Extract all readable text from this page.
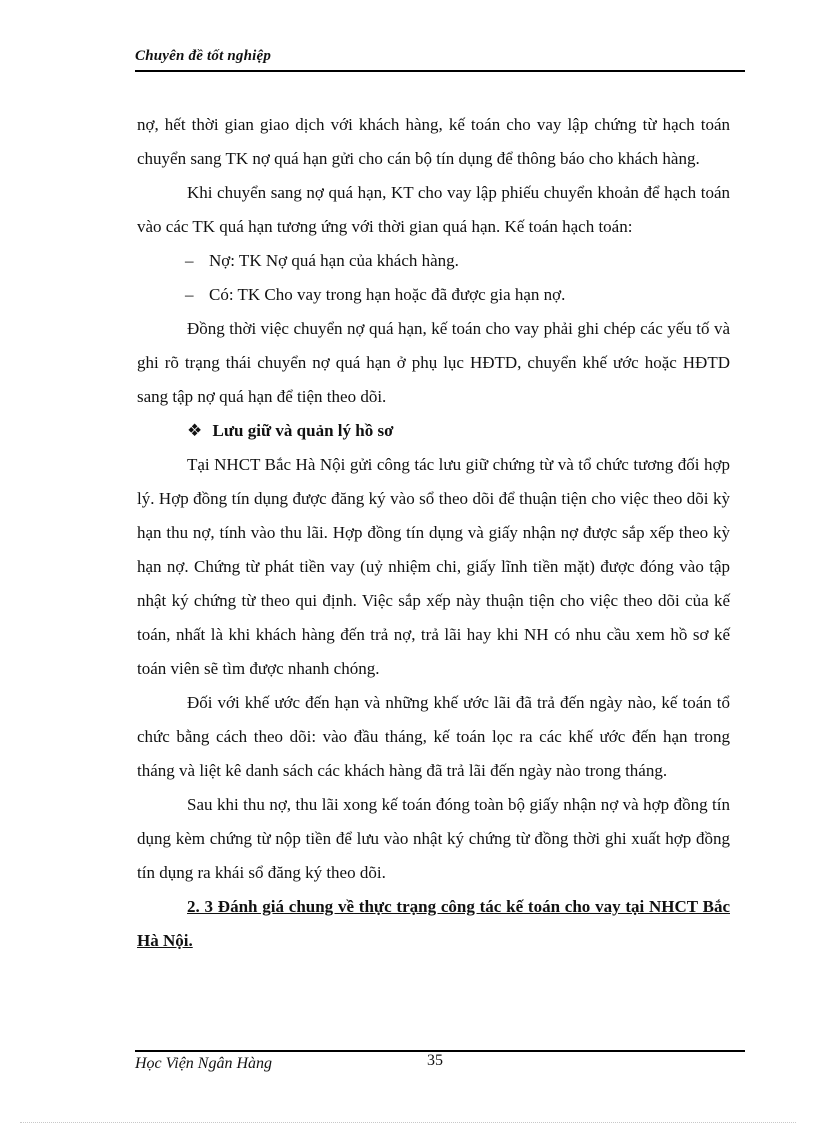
Chuyên đề tốt nghiệp

nợ, hết thời gian giao dịch với khách hàng, kế toán cho vay lập chứng từ hạch toán chuyển sang TK nợ quá hạn gửi cho cán bộ tín dụng để thông báo cho khách hàng.

Khi chuyển sang nợ quá hạn, KT cho vay lập phiếu chuyển khoản để hạch toán vào các TK quá hạn tương ứng với thời gian quá hạn. Kế toán hạch toán:

– Nợ: TK Nợ quá hạn của khách hàng.

– Có: TK Cho vay trong hạn hoặc đã được gia hạn nợ.

Đồng thời việc chuyển nợ quá hạn, kế toán cho vay phải ghi chép các yếu tố và ghi rõ trạng thái chuyển nợ quá hạn ở phụ lục HĐTD, chuyển khế ước hoặc HĐTD sang tập nợ quá hạn để tiện theo dõi.

❖ Lưu giữ và quản lý hồ sơ

Tại NHCT Bắc Hà Nội gửi công tác lưu giữ chứng từ và tổ chức tương đối hợp lý. Hợp đồng tín dụng được đăng ký vào sổ theo dõi để thuận tiện cho việc theo dõi kỳ hạn thu nợ, tính vào thu lãi. Hợp đồng tín dụng và giấy nhận nợ được sắp xếp theo kỳ hạn nợ. Chứng từ phát tiền vay (uỷ nhiệm chi, giấy lĩnh tiền mặt) được đóng vào tập nhật ký chứng từ theo qui định. Việc sắp xếp này thuận tiện cho việc theo dõi của kế toán, nhất là khi khách hàng đến trả nợ, trả lãi hay khi NH có nhu cầu xem hồ sơ kế toán viên sẽ tìm được nhanh chóng.

Đối với khế ước đến hạn và những khế ước lãi đã trả đến ngày nào, kế toán tổ chức bằng cách theo dõi: vào đầu tháng, kế toán lọc ra các khế ước đến hạn trong tháng và liệt kê danh sách các khách hàng đã trả lãi đến ngày nào trong tháng.

Sau khi thu nợ, thu lãi xong kế toán đóng toàn bộ giấy nhận nợ và hợp đồng tín dụng kèm chứng từ nộp tiền để lưu vào nhật ký chứng từ đồng thời ghi xuất hợp đồng tín dụng ra khái sổ đăng ký theo dõi.

2. 3 Đánh giá chung về thực trạng công tác kế toán cho vay tại NHCT Bắc Hà Nội.

Học Viện Ngân Hàng	35
